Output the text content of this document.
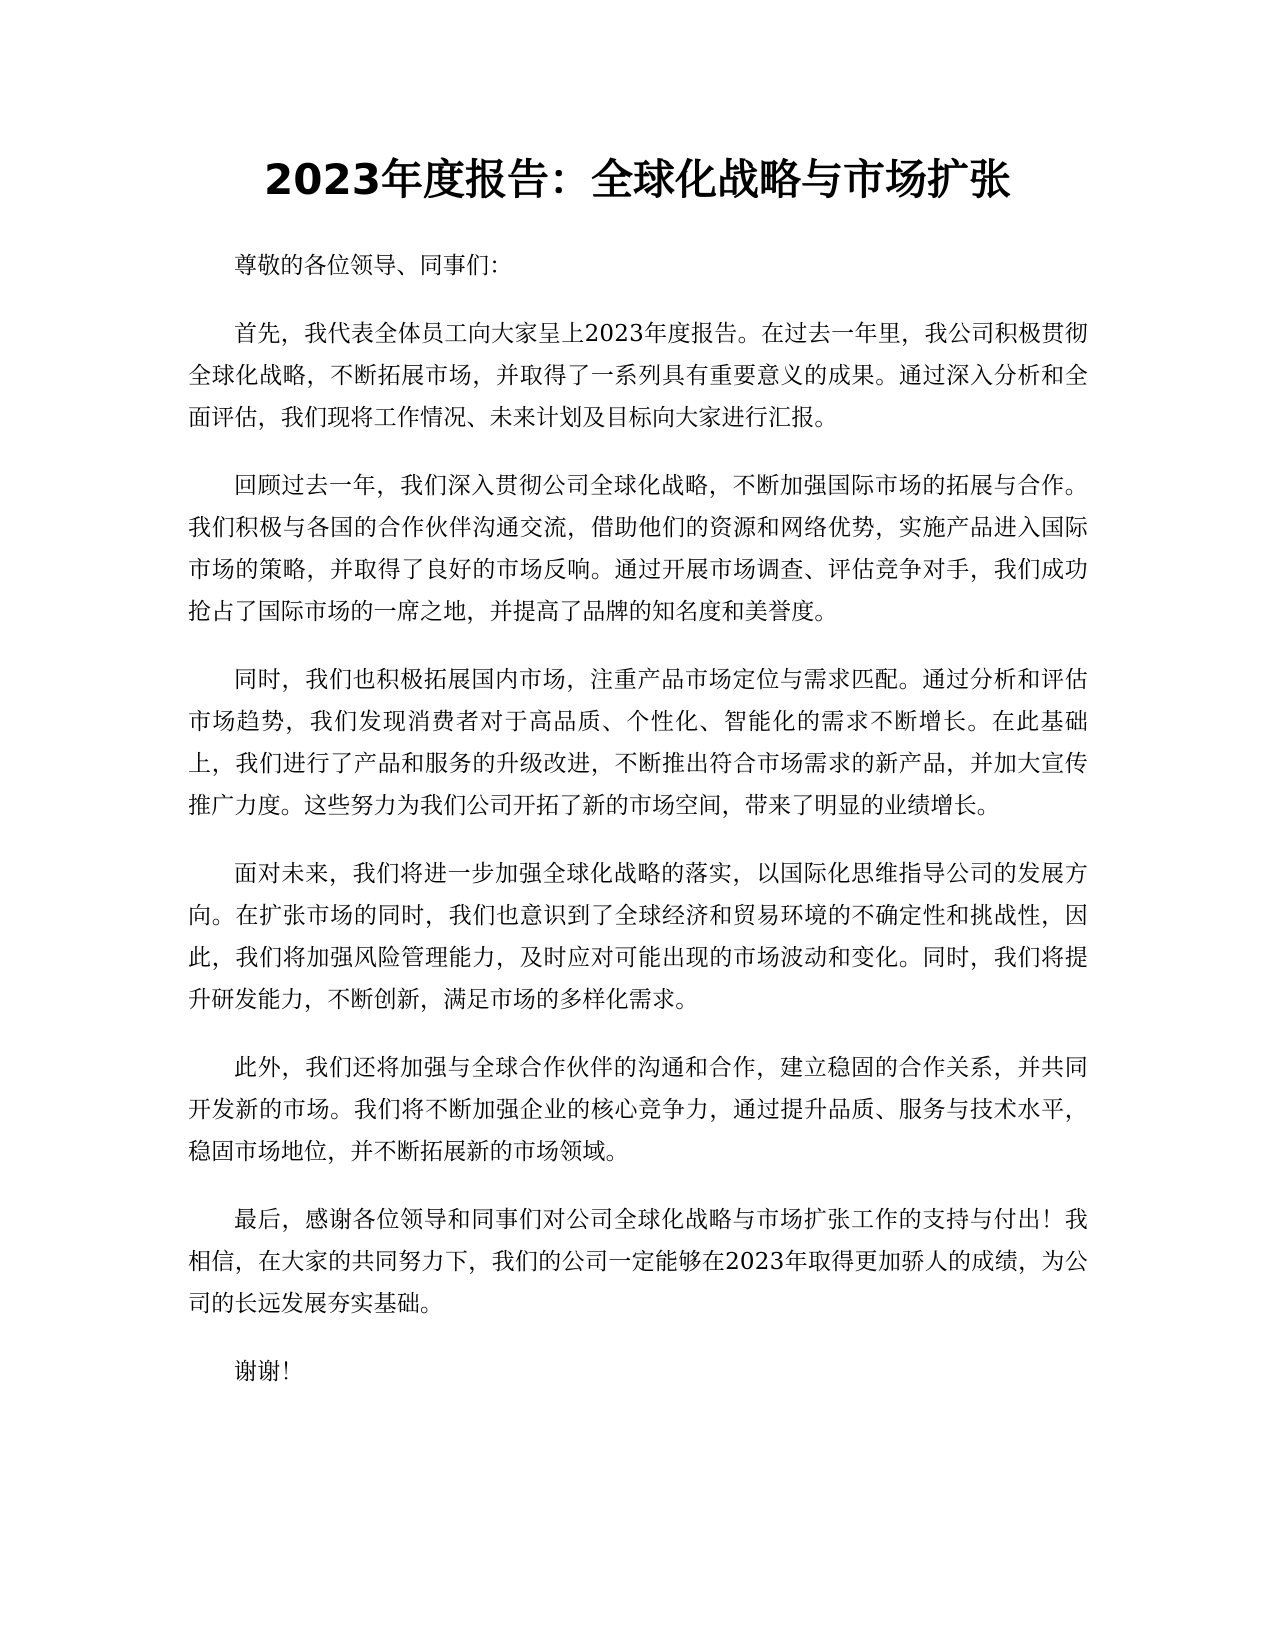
2023年度报告：全球化战略与市场扩张

尊敬的各位领导、同事们：

首先，我代表全体员工向大家呈上2023年度报告。在过去一年里，我公司积极贯彻全球化战略，不断拓展市场，并取得了一系列具有重要意义的成果。通过深入分析和全面评估，我们现将工作情况、未来计划及目标向大家进行汇报。

回顾过去一年，我们深入贯彻公司全球化战略，不断加强国际市场的拓展与合作。我们积极与各国的合作伙伴沟通交流，借助他们的资源和网络优势，实施产品进入国际市场的策略，并取得了良好的市场反响。通过开展市场调查、评估竞争对手，我们成功抢占了国际市场的一席之地，并提高了品牌的知名度和美誉度。

同时，我们也积极拓展国内市场，注重产品市场定位与需求匹配。通过分析和评估市场趋势，我们发现消费者对于高品质、个性化、智能化的需求不断增长。在此基础上，我们进行了产品和服务的升级改进，不断推出符合市场需求的新产品，并加大宣传推广力度。这些努力为我们公司开拓了新的市场空间，带来了明显的业绩增长。

面对未来，我们将进一步加强全球化战略的落实，以国际化思维指导公司的发展方向。在扩张市场的同时，我们也意识到了全球经济和贸易环境的不确定性和挑战性，因此，我们将加强风险管理能力，及时应对可能出现的市场波动和变化。同时，我们将提升研发能力，不断创新，满足市场的多样化需求。

此外，我们还将加强与全球合作伙伴的沟通和合作，建立稳固的合作关系，并共同开发新的市场。我们将不断加强企业的核心竞争力，通过提升品质、服务与技术水平，稳固市场地位，并不断拓展新的市场领域。

最后，感谢各位领导和同事们对公司全球化战略与市场扩张工作的支持与付出！我相信，在大家的共同努力下，我们的公司一定能够在2023年取得更加骄人的成绩，为公司的长远发展夯实基础。

谢谢！
